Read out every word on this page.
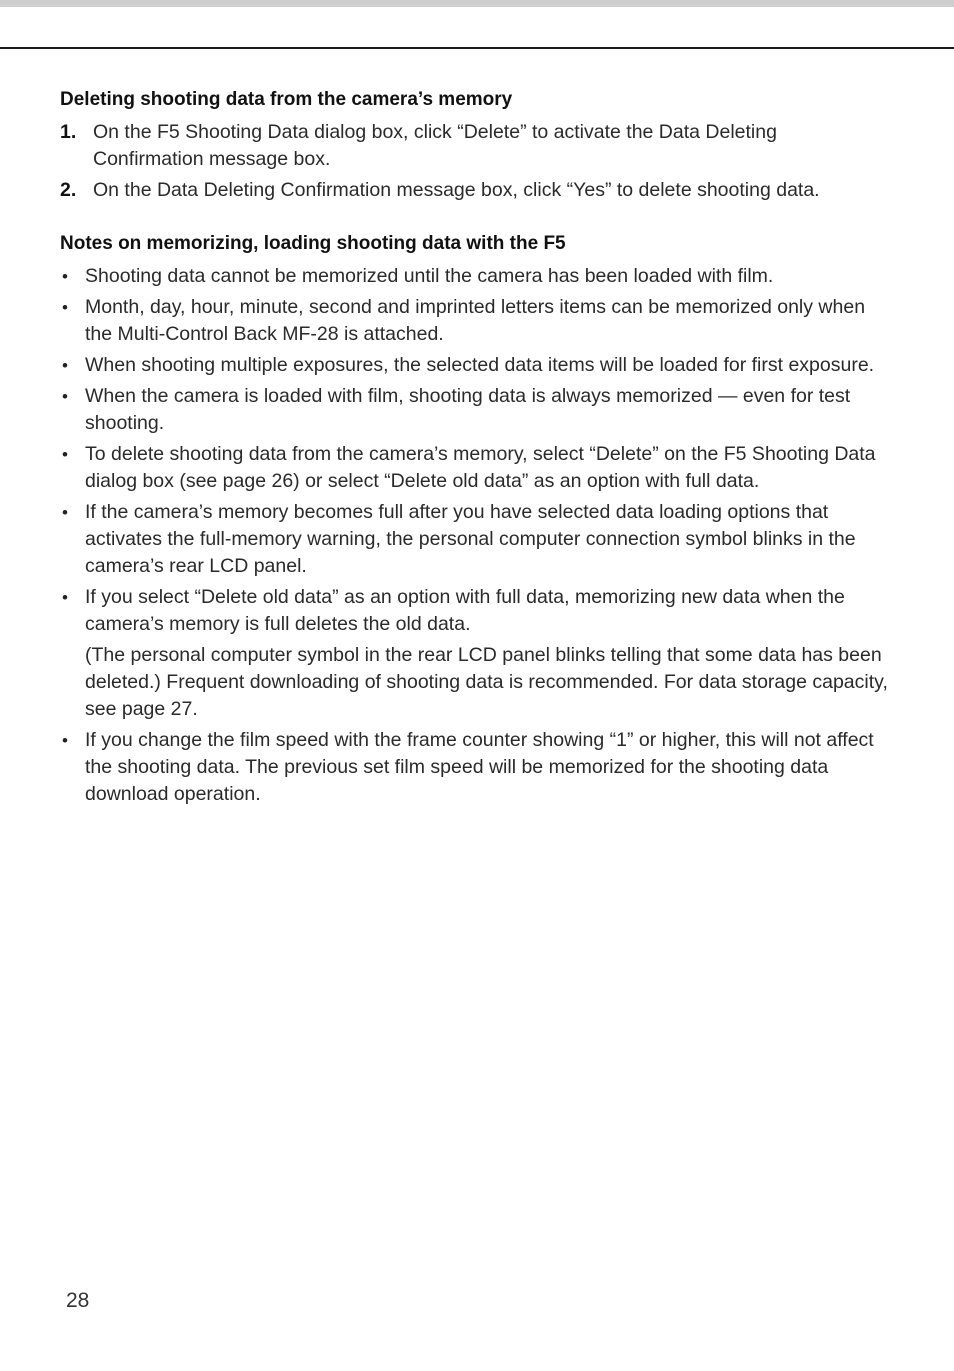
Deleting shooting data from the camera’s memory
1. On the F5 Shooting Data dialog box, click “Delete” to activate the Data Deleting Confirmation message box.
2. On the Data Deleting Confirmation message box, click “Yes” to delete shooting data.
Notes on memorizing, loading shooting data with the F5
• Shooting data cannot be memorized until the camera has been loaded with film.
• Month, day, hour, minute, second and imprinted letters items can be memorized only when the Multi-Control Back MF-28 is attached.
• When shooting multiple exposures, the selected data items will be loaded for first exposure.
• When the camera is loaded with film, shooting data is always memorized — even for test shooting.
• To delete shooting data from the camera’s memory, select “Delete” on the F5 Shooting Data dialog box (see page 26) or select “Delete old data” as an option with full data.
• If the camera’s memory becomes full after you have selected data loading options that activates the full-memory warning, the personal computer connection symbol blinks in the camera’s rear LCD panel.
• If you select “Delete old data” as an option with full data, memorizing new data when the camera’s memory is full deletes the old data.
(The personal computer symbol in the rear LCD panel blinks telling that some data has been deleted.) Frequent downloading of shooting data is recommended. For data storage capacity, see page 27.
• If you change the film speed with the frame counter showing “1” or higher, this will not affect the shooting data. The previous set film speed will be memorized for the shooting data download operation.
28
